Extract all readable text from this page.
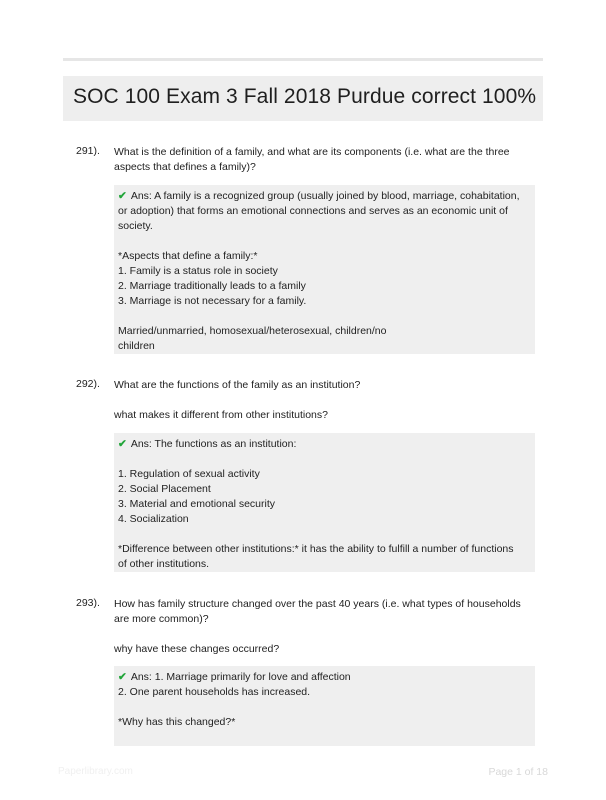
SOC 100 Exam 3 Fall 2018 Purdue correct 100%
291). What is the definition of a family, and what are its components (i.e. what are the three

aspects that defines a family)?

✔ Ans: A family is a recognized group (usually joined by blood, marriage, cohabitation,
or adoption) that forms an emotional connections and serves as an economic unit of
society.
*Aspects that define a family:*
1. Family is a status role in society
2. Marriage traditionally leads to a family
3. Marriage is not necessary for a family.
Married/unmarried, homosexual/heterosexual, children/no
children
292). What are the functions of the family as an institution?

what makes it different from other institutions?

✔ Ans: The functions as an institution:
1. Regulation of sexual activity
2. Social Placement
3. Material and emotional security
4. Socialization
*Difference between other institutions:* it has the ability to fulfill a number of functions
of other institutions.
293). How has family structure changed over the past 40 years (i.e. what types of households

are more common)?

why have these changes occurred?

✔ Ans: 1. Marriage primarily for love and affection
2. One parent households has increased.
*Why has this changed?*
Paperlibrary.com	Page 1 of 18
